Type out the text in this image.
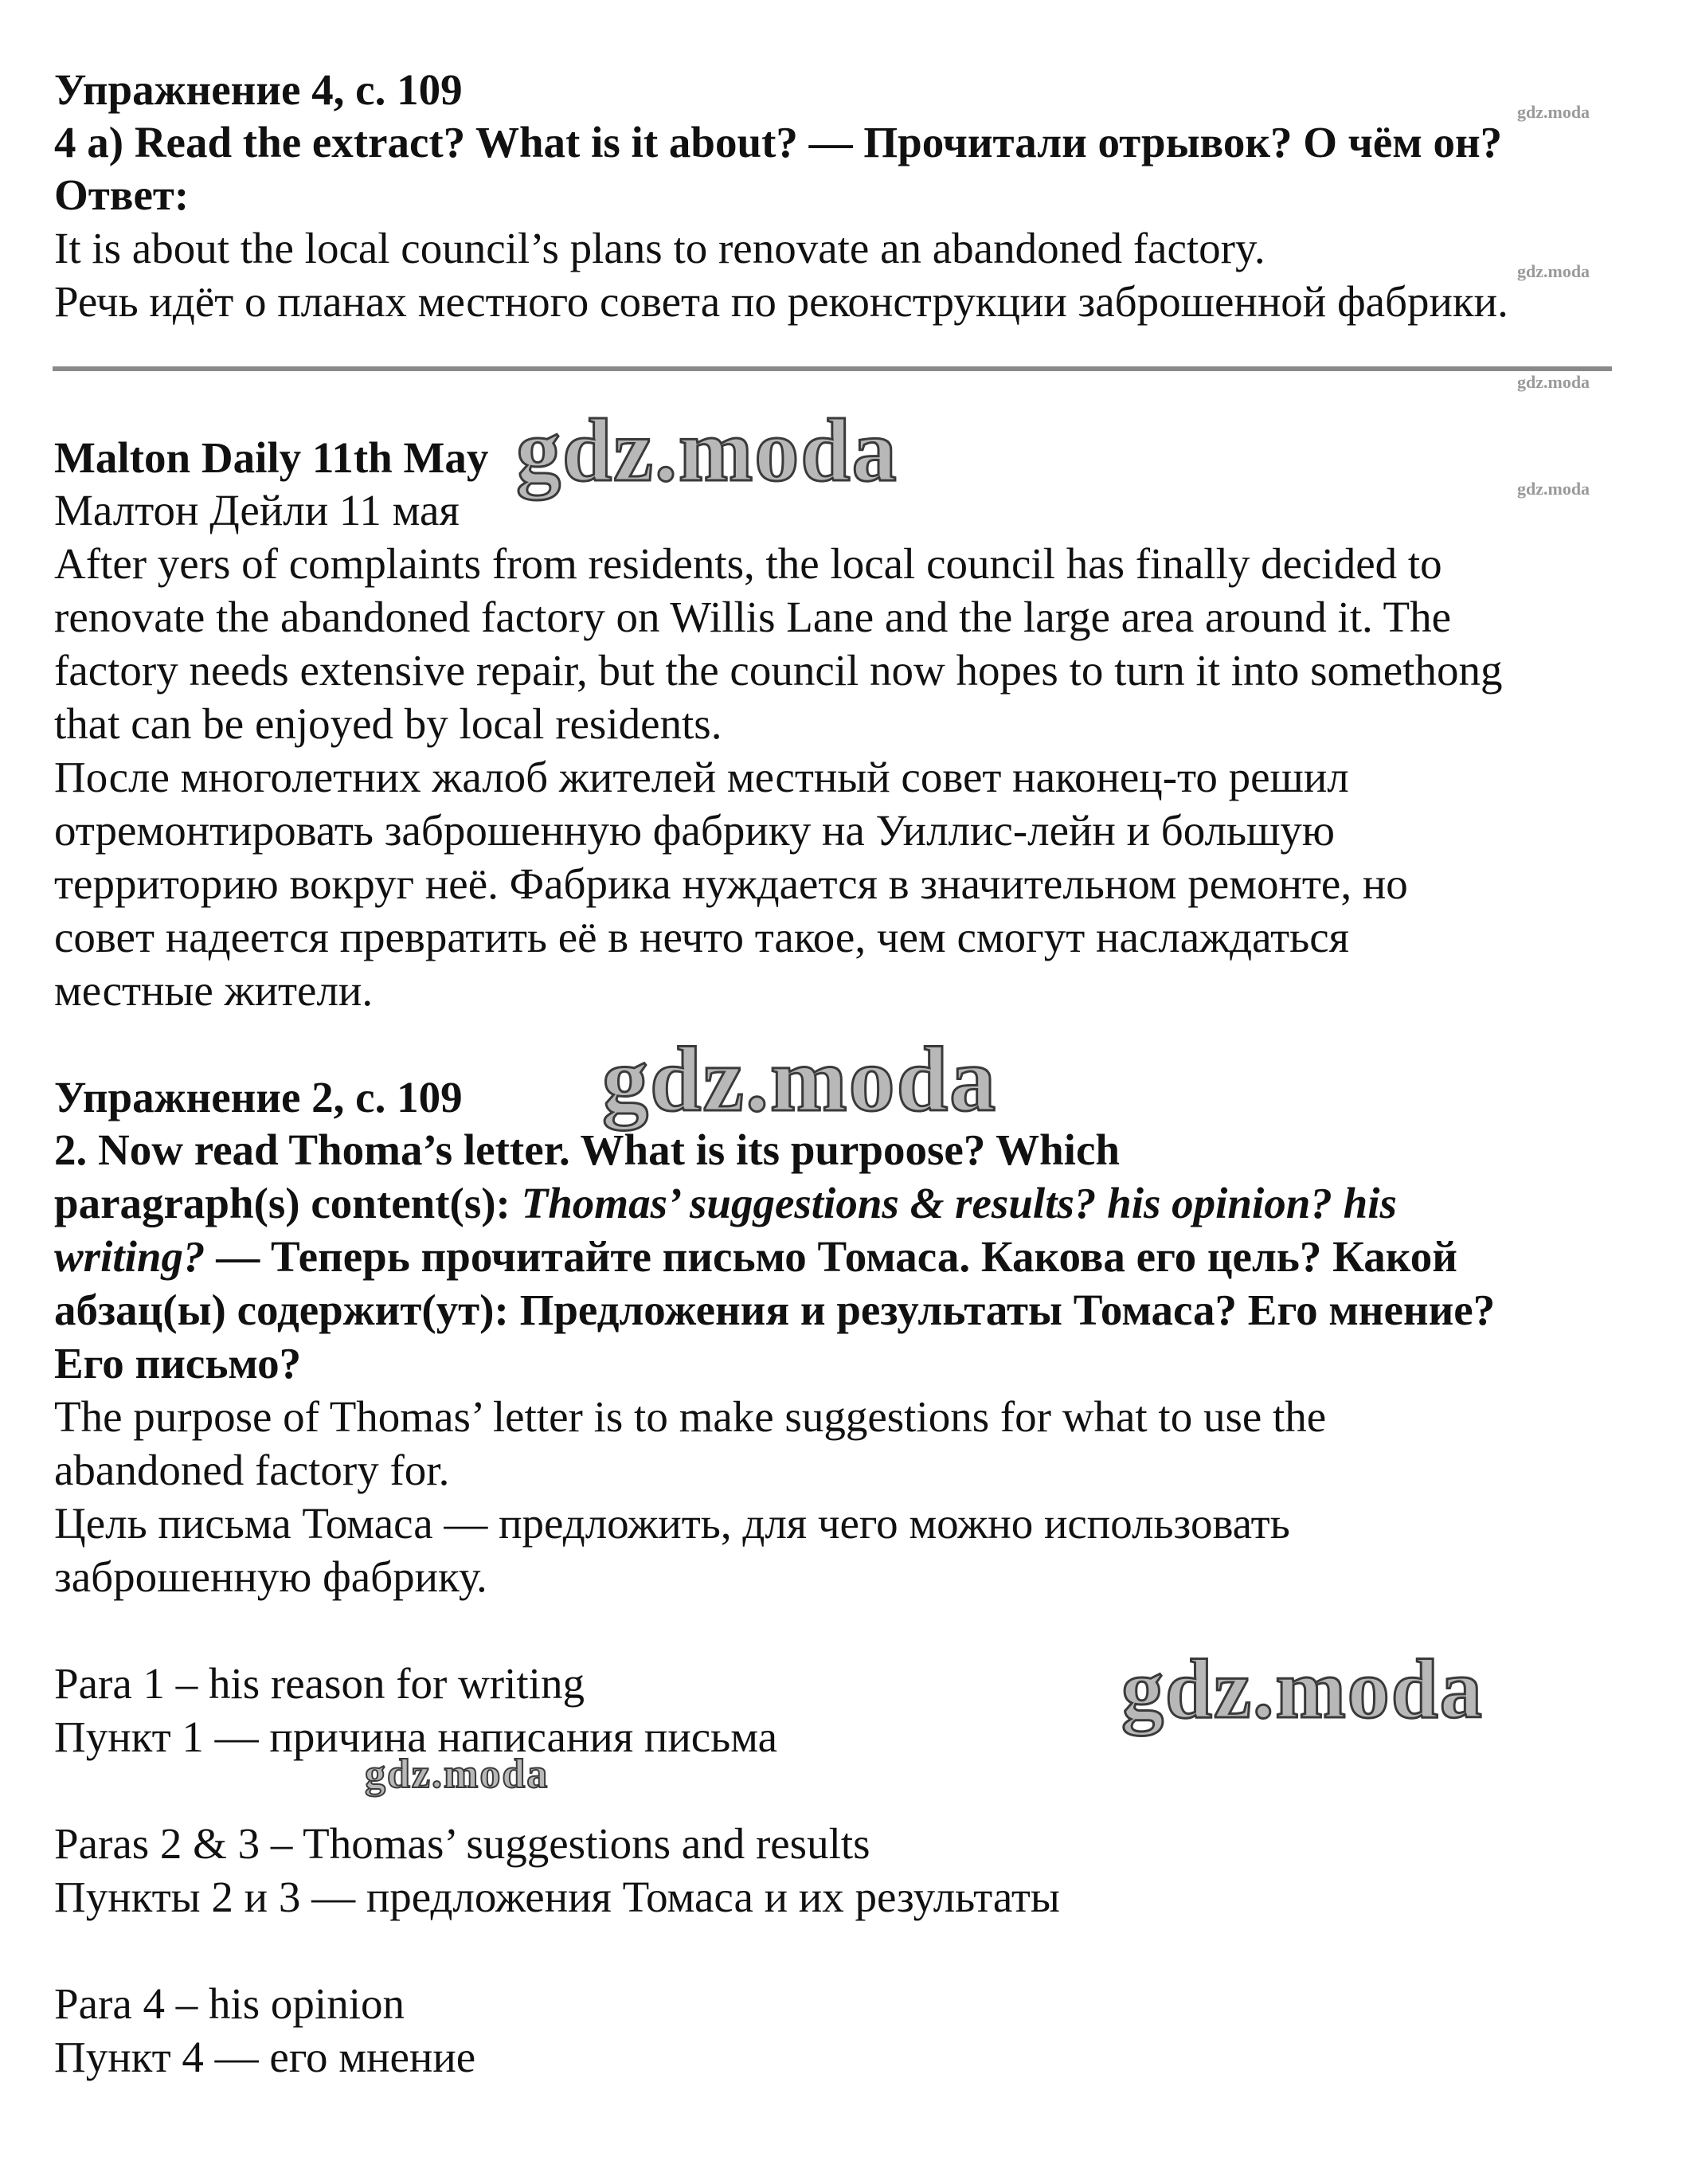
Упражнение 4, с. 109
4 a) Read the extract? What is it about? — Прочитали отрывок? О чём он?
Ответ:
It is about the local council’s plans to renovate an abandoned factory.
Речь идёт о планах местного совета по реконструкции заброшенной фабрики.
Malton Daily 11th May
Малтон Дейли 11 мая
After yers of complaints from residents, the local council has finally decided to
renovate the abandoned factory on Willis Lane and the large area around it. The
factory needs extensive repair, but the council now hopes to turn it into somethong
that can be enjoyed by local residents.
После многолетних жалоб жителей местный совет наконец-то решил
отремонтировать заброшенную фабрику на Уиллис-лейн и большую
территорию вокруг неё. Фабрика нуждается в значительном ремонте, но
совет надеется превратить её в нечто такое, чем смогут наслаждаться
местные жители.
Упражнение 2, с. 109
2. Now read Thoma’s letter. What is its purpoose? Which
paragraph(s) content(s): Thomas’ suggestions & results? his opinion? his
writing? — Теперь прочитайте письмо Томаса. Какова его цель? Какой
абзац(ы) содержит(ут): Предложения и результаты Томаса? Его мнение?
Его письмо?
The purpose of Thomas’ letter is to make suggestions for what to use the
abandoned factory for.
Цель письма Томаса — предложить, для чего можно использовать
заброшенную фабрику.
Para 1 – his reason for writing
Пункт 1 — причина написания письма
Paras 2 & 3 – Thomas’ suggestions and results
Пункты 2 и 3 — предложения Томаса и их результаты
Para 4 – his opinion
Пункт 4 — его мнение
gdz.moda
gdz.moda
gdz.moda
gdz.moda
gdz.moda
gdz.moda
gdz.moda
gdz.moda
